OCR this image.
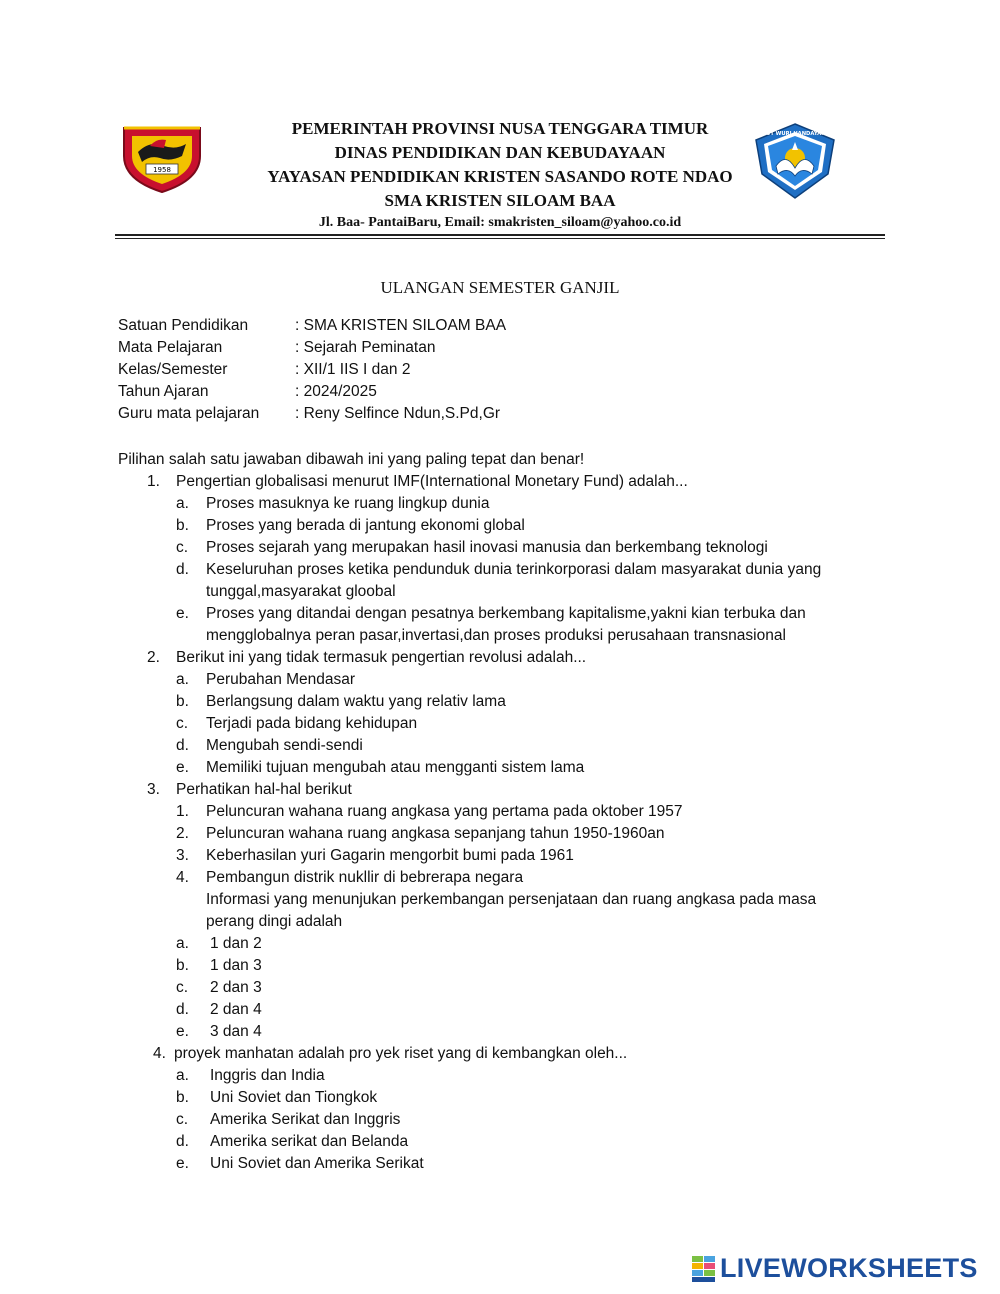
1958
TUT WURI HANDAYANI
PEMERINTAH PROVINSI NUSA TENGGARA TIMUR
DINAS PENDIDIKAN DAN KEBUDAYAAN
YAYASAN PENDIDIKAN KRISTEN SASANDO ROTE NDAO
SMA KRISTEN SILOAM BAA
Jl. Baa- PantaiBaru, Email: smakristen_siloam@yahoo.co.id
ULANGAN SEMESTER GANJIL
Satuan Pendidikan	: SMA KRISTEN SILOAM BAA
Mata Pelajaran	: Sejarah Peminatan
Kelas/Semester	: XII/1 IIS I dan 2
Tahun Ajaran	: 2024/2025
Guru mata pelajaran : Reny Selfince Ndun,S.Pd,Gr
Pilihan salah satu jawaban dibawah ini yang paling tepat dan benar!
1. Pengertian globalisasi menurut IMF(International Monetary Fund) adalah...
a. Proses masuknya ke ruang lingkup dunia
b. Proses yang berada di jantung ekonomi global
c. Proses sejarah yang merupakan hasil inovasi manusia dan berkembang teknologi
d. Keseluruhan proses ketika pendunduk dunia terinkorporasi dalam masyarakat dunia yang
tunggal,masyarakat gloobal
e. Proses yang ditandai dengan pesatnya berkembang kapitalisme,yakni kian terbuka dan
mengglobalnya peran pasar,invertasi,dan proses produksi perusahaan transnasional
2. Berikut ini yang tidak termasuk pengertian revolusi adalah...
a. Perubahan Mendasar
b. Berlangsung dalam waktu yang relativ lama
c. Terjadi pada bidang kehidupan
d. Mengubah sendi-sendi
e. Memiliki tujuan mengubah atau mengganti sistem lama
3. Perhatikan hal-hal berikut
1. Peluncuran wahana ruang angkasa yang pertama pada oktober 1957
2. Peluncuran wahana ruang angkasa sepanjang tahun 1950-1960an
3. Keberhasilan yuri Gagarin mengorbit bumi pada 1961
4. Pembangun distrik nukllir di bebrerapa negara
Informasi yang menunjukan perkembangan persenjataan dan ruang angkasa pada masa
perang dingi adalah
a. 1 dan 2
b. 1 dan 3
c. 2 dan 3
d. 2 dan 4
e. 3 dan 4
4. proyek manhatan adalah pro yek riset yang di kembangkan oleh...
a. Inggris dan India
b. Uni Soviet dan Tiongkok
c. Amerika Serikat dan Inggris
d. Amerika serikat dan Belanda
e. Uni Soviet dan Amerika Serikat
LIVEWORKSHEETS
